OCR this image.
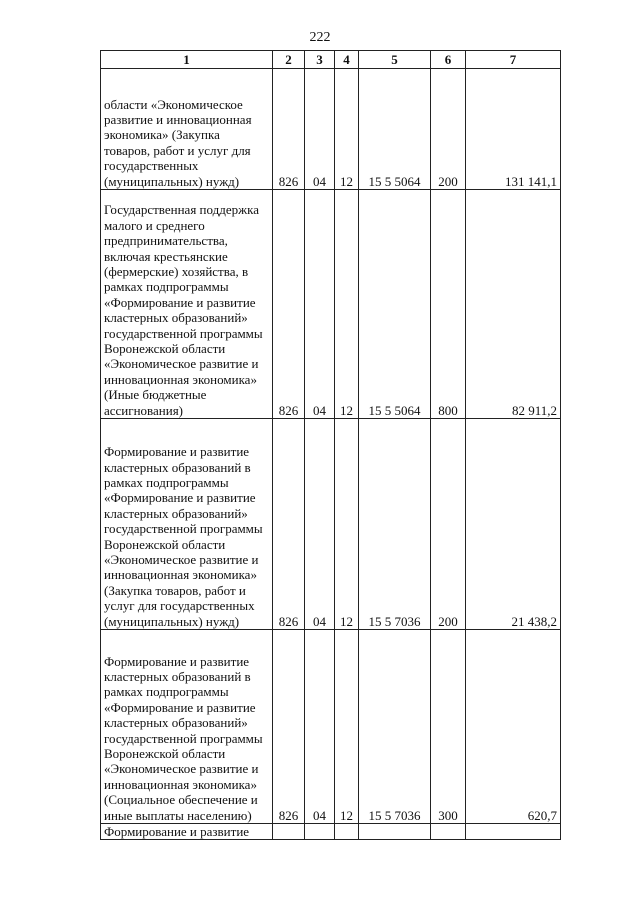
222
1	2	3	4	5	6	7
области «Экономическое развитие и инновационная экономика» (Закупка товаров, работ и услуг для государственных (муниципальных) нужд)	826	04	12	15 5 5064	200	131 141,1
Государственная поддержка малого и среднего предпринимательства, включая крестьянские (фермерские) хозяйства, в рамках подпрограммы «Формирование и развитие кластерных образований» государственной программы Воронежской области «Экономическое развитие и инновационная экономика» (Иные бюджетные ассигнования)	826	04	12	15 5 5064	800	82 911,2
Формирование и развитие кластерных образований в рамках подпрограммы «Формирование и развитие кластерных образований» государственной программы Воронежской области «Экономическое развитие и инновационная экономика» (Закупка товаров, работ и услуг для государственных (муниципальных) нужд)	826	04	12	15 5 7036	200	21 438,2
Формирование и развитие кластерных образований в рамках подпрограммы «Формирование и развитие кластерных образований» государственной программы Воронежской области «Экономическое развитие и инновационная экономика» (Социальное обеспечение и иные выплаты населению)	826	04	12	15 5 7036	300	620,7
Формирование и развитие						
